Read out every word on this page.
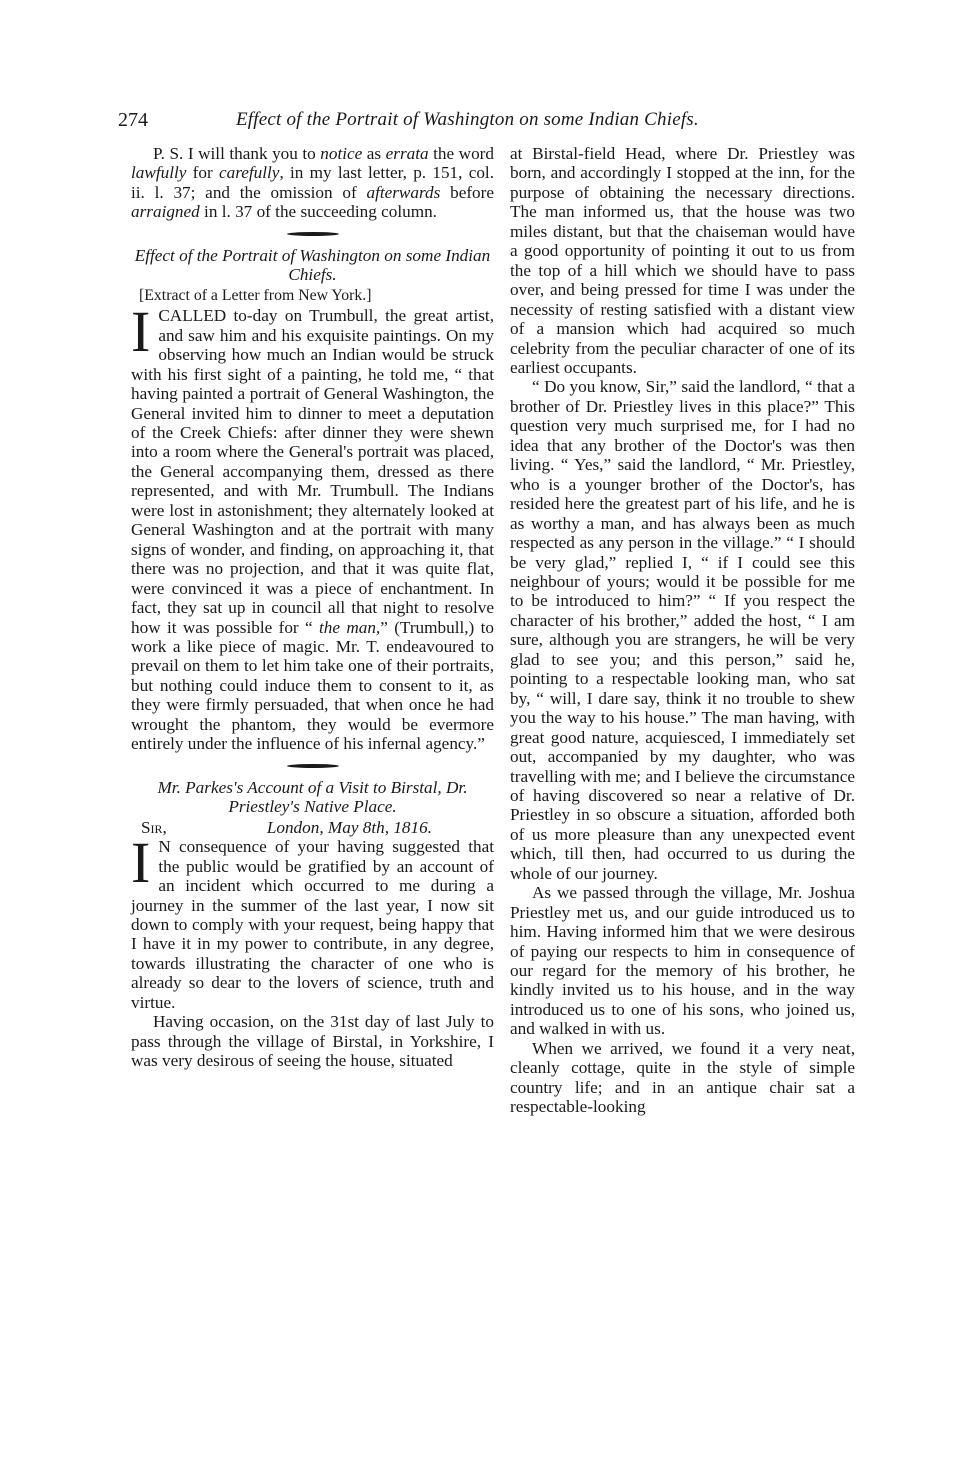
274	Effect of the Portrait of Washington on some Indian Chiefs.

P. S. I will thank you to notice as errata the word lawfully for carefully, in my last letter, p. 151, col. ii. l. 37; and the omission of afterwards before arraigned in l. 37 of the succeeding column.

Effect of the Portrait of Washington on some Indian Chiefs.

[Extract of a Letter from New York.]

ICALLED to-day on Trumbull, the great artist, and saw him and his exquisite paintings. On my observing how much an Indian would be struck with his first sight of a painting, he told me, “ that having painted a portrait of General Washington, the General invited him to dinner to meet a deputation of the Creek Chiefs: after dinner they were shewn into a room where the General's portrait was placed, the General accompanying them, dressed as there represented, and with Mr. Trumbull. The Indians were lost in astonishment; they alternately looked at General Washington and at the portrait with many signs of wonder, and finding, on approaching it, that there was no projection, and that it was quite flat, were convinced it was a piece of enchantment. In fact, they sat up in council all that night to resolve how it was possible for “ the man,” (Trumbull,) to work a like piece of magic. Mr. T. endeavoured to prevail on them to let him take one of their portraits, but nothing could induce them to consent to it, as they were firmly persuaded, that when once he had wrought the phantom, they would be evermore entirely under the influence of his infernal agency.”

Mr. Parkes's Account of a Visit to Birstal, Dr. Priestley's Native Place.

Sir,	London, May 8th, 1816.

I N consequence of your having suggested that the public would be gratified by an account of an incident which occurred to me during a journey in the summer of the last year, I now sit down to comply with your request, being happy that I have it in my power to contribute, in any degree, towards illustrating the character of one who is already so dear to the lovers of science, truth and virtue.

Having occasion, on the 31st day of last July to pass through the village of Birstal, in Yorkshire, I was very desirous of seeing the house, situated

at Birstal-field Head, where Dr. Priestley was born, and accordingly I stopped at the inn, for the purpose of obtaining the necessary directions. The man informed us, that the house was two miles distant, but that the chaiseman would have a good opportunity of pointing it out to us from the top of a hill which we should have to pass over, and being pressed for time I was under the necessity of resting satisfied with a distant view of a mansion which had acquired so much celebrity from the peculiar character of one of its earliest occupants.

“ Do you know, Sir,” said the landlord, “ that a brother of Dr. Priestley lives in this place?” This question very much surprised me, for I had no idea that any brother of the Doctor's was then living. “ Yes,” said the landlord, “ Mr. Priestley, who is a younger brother of the Doctor's, has resided here the greatest part of his life, and he is as worthy a man, and has always been as much respected as any person in the village.” “ I should be very glad,” replied I, “ if I could see this neighbour of yours; would it be possible for me to be introduced to him?” “ If you respect the character of his brother,” added the host, “ I am sure, although you are strangers, he will be very glad to see you; and this person,” said he, pointing to a respectable looking man, who sat by, “ will, I dare say, think it no trouble to shew you the way to his house.” The man having, with great good nature, acquiesced, I immediately set out, accompanied by my daughter, who was travelling with me; and I believe the circumstance of having discovered so near a relative of Dr. Priestley in so obscure a situation, afforded both of us more pleasure than any unexpected event which, till then, had occurred to us during the whole of our journey.

As we passed through the village, Mr. Joshua Priestley met us, and our guide introduced us to him. Having informed him that we were desirous of paying our respects to him in consequence of our regard for the memory of his brother, he kindly invited us to his house, and in the way introduced us to one of his sons, who joined us, and walked in with us.

When we arrived, we found it a very neat, cleanly cottage, quite in the style of simple country life; and in an antique chair sat a respectable-looking
